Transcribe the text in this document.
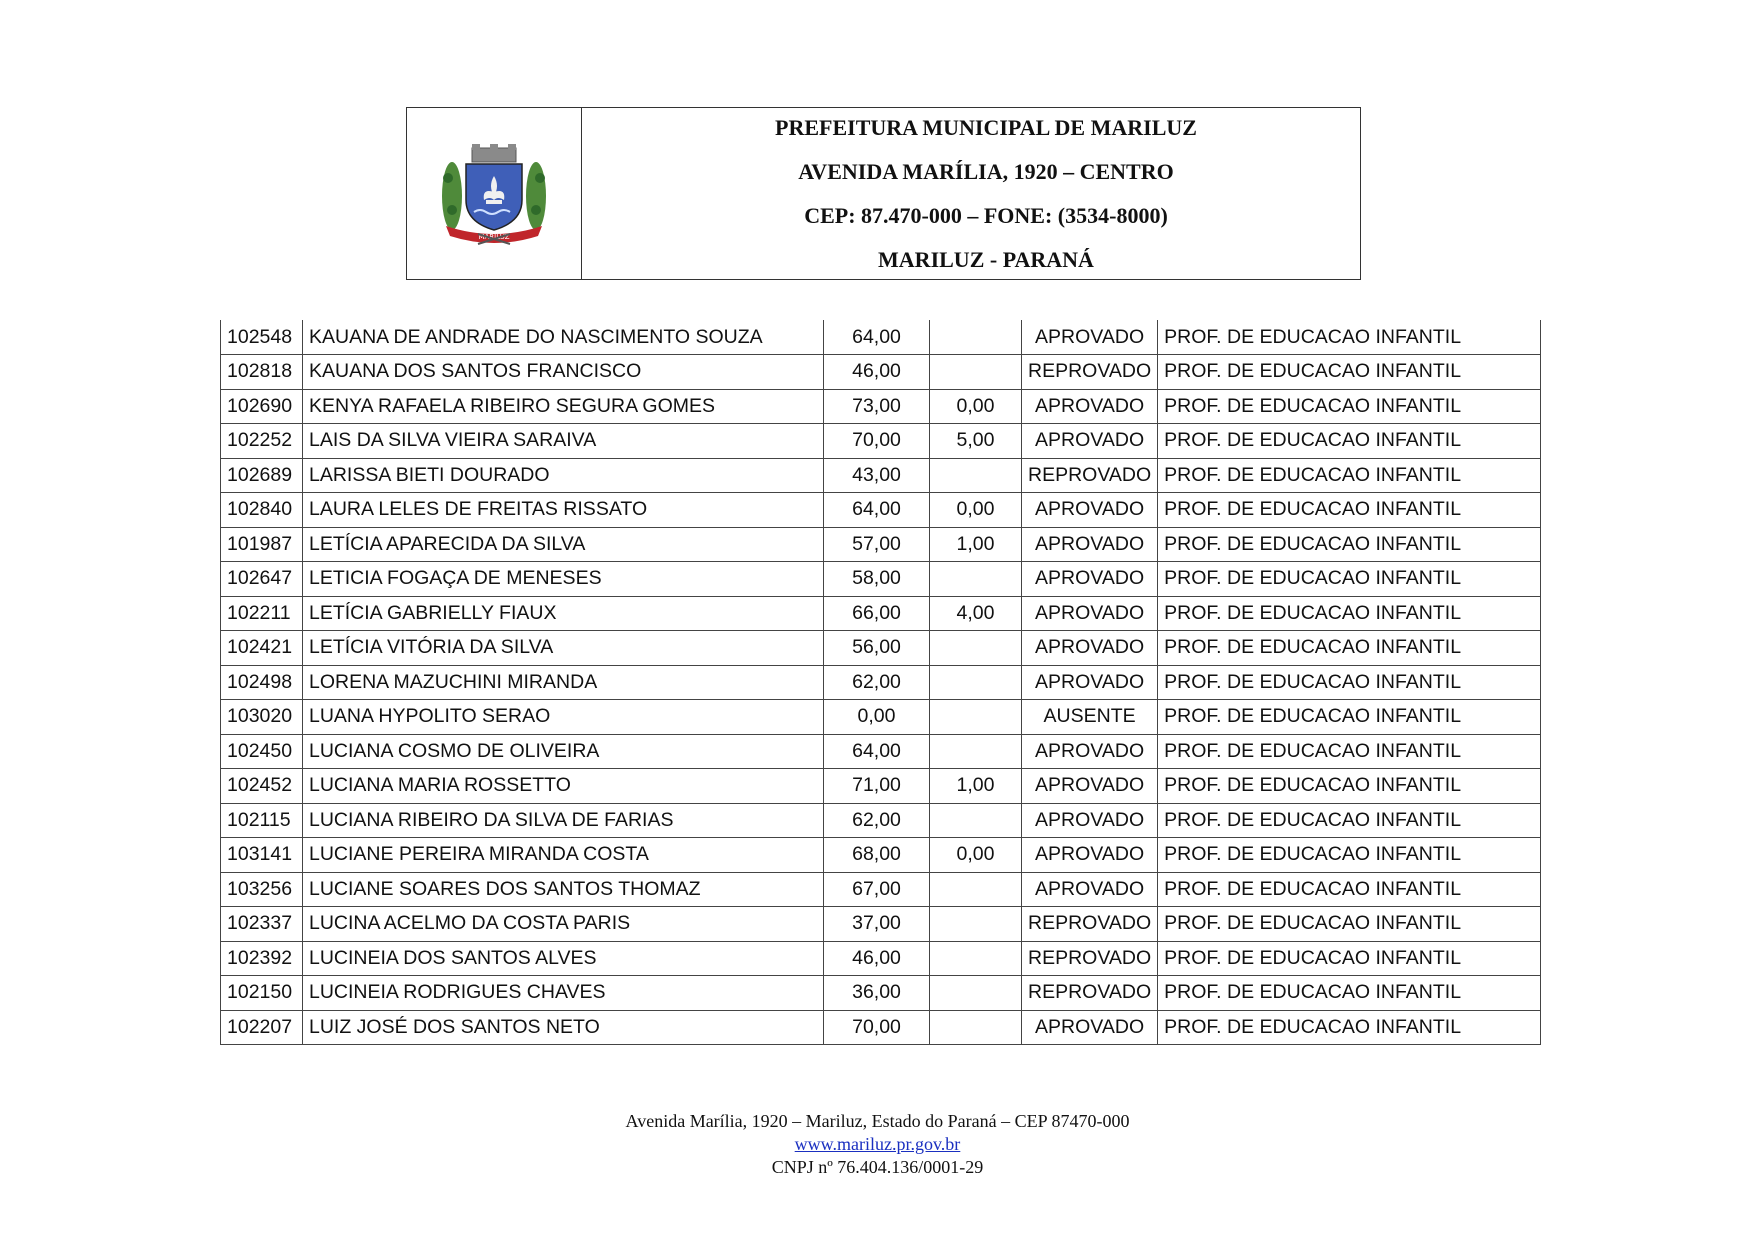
MARILUZ
PREFEITURA MUNICIPAL DE MARILUZ
AVENIDA MARÍLIA, 1920 – CENTRO
CEP: 87.470-000 – FONE: (3534-8000)
MARILUZ - PARANÁ
102548	KAUANA DE ANDRADE DO NASCIMENTO SOUZA	64,00		APROVADO	PROF. DE EDUCACAO INFANTIL
102818	KAUANA DOS SANTOS FRANCISCO	46,00		REPROVADO	PROF. DE EDUCACAO INFANTIL
102690	KENYA RAFAELA RIBEIRO SEGURA GOMES	73,00	0,00	APROVADO	PROF. DE EDUCACAO INFANTIL
102252	LAIS DA SILVA VIEIRA SARAIVA	70,00	5,00	APROVADO	PROF. DE EDUCACAO INFANTIL
102689	LARISSA BIETI DOURADO	43,00		REPROVADO	PROF. DE EDUCACAO INFANTIL
102840	LAURA LELES DE FREITAS RISSATO	64,00	0,00	APROVADO	PROF. DE EDUCACAO INFANTIL
101987	LETÍCIA APARECIDA DA SILVA	57,00	1,00	APROVADO	PROF. DE EDUCACAO INFANTIL
102647	LETICIA FOGAÇA DE MENESES	58,00		APROVADO	PROF. DE EDUCACAO INFANTIL
102211	LETÍCIA GABRIELLY FIAUX	66,00	4,00	APROVADO	PROF. DE EDUCACAO INFANTIL
102421	LETÍCIA VITÓRIA DA SILVA	56,00		APROVADO	PROF. DE EDUCACAO INFANTIL
102498	LORENA MAZUCHINI MIRANDA	62,00		APROVADO	PROF. DE EDUCACAO INFANTIL
103020	LUANA HYPOLITO SERAO	0,00		AUSENTE	PROF. DE EDUCACAO INFANTIL
102450	LUCIANA COSMO DE OLIVEIRA	64,00		APROVADO	PROF. DE EDUCACAO INFANTIL
102452	LUCIANA MARIA ROSSETTO	71,00	1,00	APROVADO	PROF. DE EDUCACAO INFANTIL
102115	LUCIANA RIBEIRO DA SILVA DE FARIAS	62,00		APROVADO	PROF. DE EDUCACAO INFANTIL
103141	LUCIANE PEREIRA MIRANDA COSTA	68,00	0,00	APROVADO	PROF. DE EDUCACAO INFANTIL
103256	LUCIANE SOARES DOS SANTOS THOMAZ	67,00		APROVADO	PROF. DE EDUCACAO INFANTIL
102337	LUCINA ACELMO DA COSTA PARIS	37,00		REPROVADO	PROF. DE EDUCACAO INFANTIL
102392	LUCINEIA DOS SANTOS ALVES	46,00		REPROVADO	PROF. DE EDUCACAO INFANTIL
102150	LUCINEIA RODRIGUES CHAVES	36,00		REPROVADO	PROF. DE EDUCACAO INFANTIL
102207	LUIZ JOSÉ DOS SANTOS NETO	70,00		APROVADO	PROF. DE EDUCACAO INFANTIL
Avenida Marília, 1920 – Mariluz, Estado do Paraná – CEP 87470-000
www.mariluz.pr.gov.br
CNPJ nº 76.404.136/0001-29
